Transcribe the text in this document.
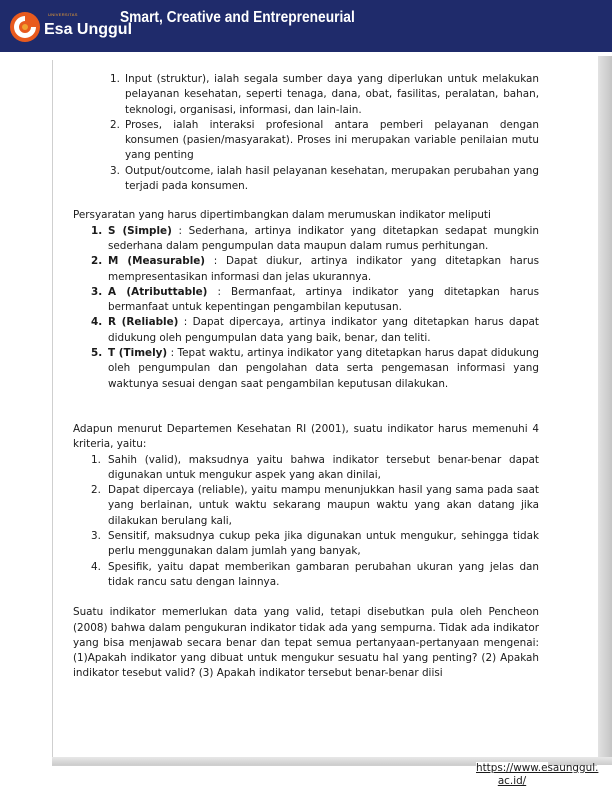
UNIVERSITAS
Esa Unggul
Smart, Creative and Entrepreneurial
1. Input (struktur), ialah segala sumber daya yang diperlukan untuk melakukan pelayanan kesehatan, seperti tenaga, dana, obat, fasilitas, peralatan, bahan, teknologi, organisasi, informasi, dan lain-lain.
2. Proses, ialah interaksi profesional antara pemberi pelayanan dengan konsumen (pasien/masyarakat). Proses ini merupakan variable penilaian mutu yang penting
3. Output/outcome, ialah hasil pelayanan kesehatan, merupakan perubahan yang terjadi pada konsumen.

Persyaratan yang harus dipertimbangkan dalam merumuskan indikator meliputi

1. S (Simple) : Sederhana, artinya indikator yang ditetapkan sedapat mungkin sederhana dalam pengumpulan data maupun dalam rumus perhitungan.
2. M (Measurable) : Dapat diukur, artinya indikator yang ditetapkan harus mempresentasikan informasi dan jelas ukurannya.
3. A (Atributtable) : Bermanfaat, artinya indikator yang ditetapkan harus bermanfaat untuk kepentingan pengambilan keputusan.
4. R (Reliable) : Dapat dipercaya, artinya indikator yang ditetapkan harus dapat didukung oleh pengumpulan data yang baik, benar, dan teliti.
5. T (Timely) : Tepat waktu, artinya indikator yang ditetapkan harus dapat didukung oleh pengumpulan dan pengolahan data serta pengemasan informasi yang waktunya sesuai dengan saat pengambilan keputusan dilakukan.

Adapun menurut Departemen Kesehatan RI (2001), suatu indikator harus memenuhi 4 kriteria, yaitu:

1. Sahih (valid), maksudnya yaitu bahwa indikator tersebut benar-benar dapat digunakan untuk mengukur aspek yang akan dinilai,
2. Dapat dipercaya (reliable), yaitu mampu menunjukkan hasil yang sama pada saat yang berlainan, untuk waktu sekarang maupun waktu yang akan datang jika dilakukan berulang kali,
3. Sensitif, maksudnya cukup peka jika digunakan untuk mengukur, sehingga tidak perlu menggunakan dalam jumlah yang banyak,
4. Spesifik, yaitu dapat memberikan gambaran perubahan ukuran yang jelas dan tidak rancu satu dengan lainnya.

Suatu indikator memerlukan data yang valid, tetapi disebutkan pula oleh Pencheon (2008) bahwa dalam pengukuran indikator tidak ada yang sempurna. Tidak ada indikator yang bisa menjawab secara benar dan tepat semua pertanyaan-pertanyaan mengenai: (1)Apakah indikator yang dibuat untuk mengukur sesuatu hal yang penting? (2) Apakah indikator tesebut valid? (3) Apakah indikator tersebut benar-benar diisi

https://www.esaunggul.
ac.id/
